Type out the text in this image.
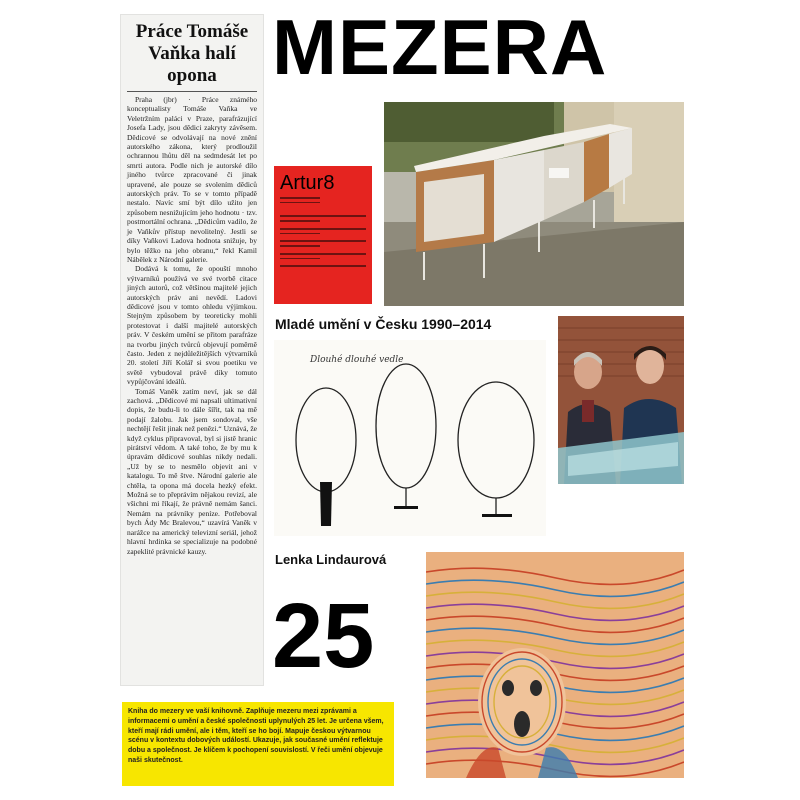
Práce Tomáše Vaňka halí opona

Praha (jbr) · Práce známého konceptualisty Tomáše Vaňka ve Veletržním paláci v Praze, parafrázující Josefa Lady, jsou dědici zakryty závěsem. Dědicové se odvolávají na nové znění autorského zákona, který prodloužil ochrannou lhůtu děl na sedmdesát let po smrti autora. Podle nich je autorské dílo jiného tvůrce zpracované či jinak upravené, ale pouze se svolením dědiců autorských práv. To se v tomto případě nestalo. Navíc smí být dílo užito jen způsobem nesnižujícím jeho hodnotu · tzv. postmortální ochrana. „Dědicům vadilo, že je Vaňkův přístup nevolitelný. Jestli se díky Vaňkovi Ladova hodnota snižuje, by bylo těžko na jeho obranu,“ řekl Kamil Nábělek z Národní galerie.

Dodává k tomu, že opouští mnoho výtvarníků používá ve své tvorbě citace jiných autorů, což většinou majitelé jejich autorských práv ani nevědí. Ladovi dědicové jsou v tomto ohledu výjimkou. Stejným způsobem by teoreticky mohli protestovat i další majitelé autorských práv. V českém umění se přitom parafráze na tvorbu jiných tvůrců objevují poměrně často. Jeden z nejdůležitějších výtvarníků 20. století Jiří Kolář si svou poetiku ve světě vybudoval právě díky tomuto vypůjčování ideálů.

Tomáš Vaněk zatím neví, jak se dál zachová. „Dědicové mi napsali ultimativní dopis, že budu-li to dále šířit, tak na mě podají žalobu. Jak jsem sondoval, vše nechtějí řešit jinak než penězi.“ Uznává, že když cyklus připravoval, byl si jistě hranic pirátství vědom. A také toho, že by mu k úpravám dědicové souhlas nikdy nedali. „Už by se to nesmělo objevit ani v katalogu. To mě štve. Národní galerie ale chtěla, ta opona má docela hezký efekt. Možná se to přeprávím nějakou revizí, ale všichni mi říkají, že právně nemám šanci. Nemám na právníky peníze. Potřeboval bych Ády Mc Bralevou,“ uzavírá Vaněk v narážce na americký televizní seriál, jehož hlavní hrdinka se specializuje na podobné zapeklité právnické kauzy.

MEZERA
Artur8
Mladé umění v Česku 1990–2014
Dlouhé dlouhé vedle
Lenka Lindaurová
25
Kniha do mezery ve vaší knihovně. Zaplňuje mezeru mezi zprávami a informacemi o umění a české společnosti uplynulých 25 let. Je určena všem, kteří mají rádi umění, ale i těm, kteří se ho bojí. Mapuje českou výtvarnou scénu v kontextu dobových událostí. Ukazuje, jak současné umění reflektuje dobu a společnost. Je klíčem k pochopení souvislostí. V řeči umění objevuje naši skutečnost.
